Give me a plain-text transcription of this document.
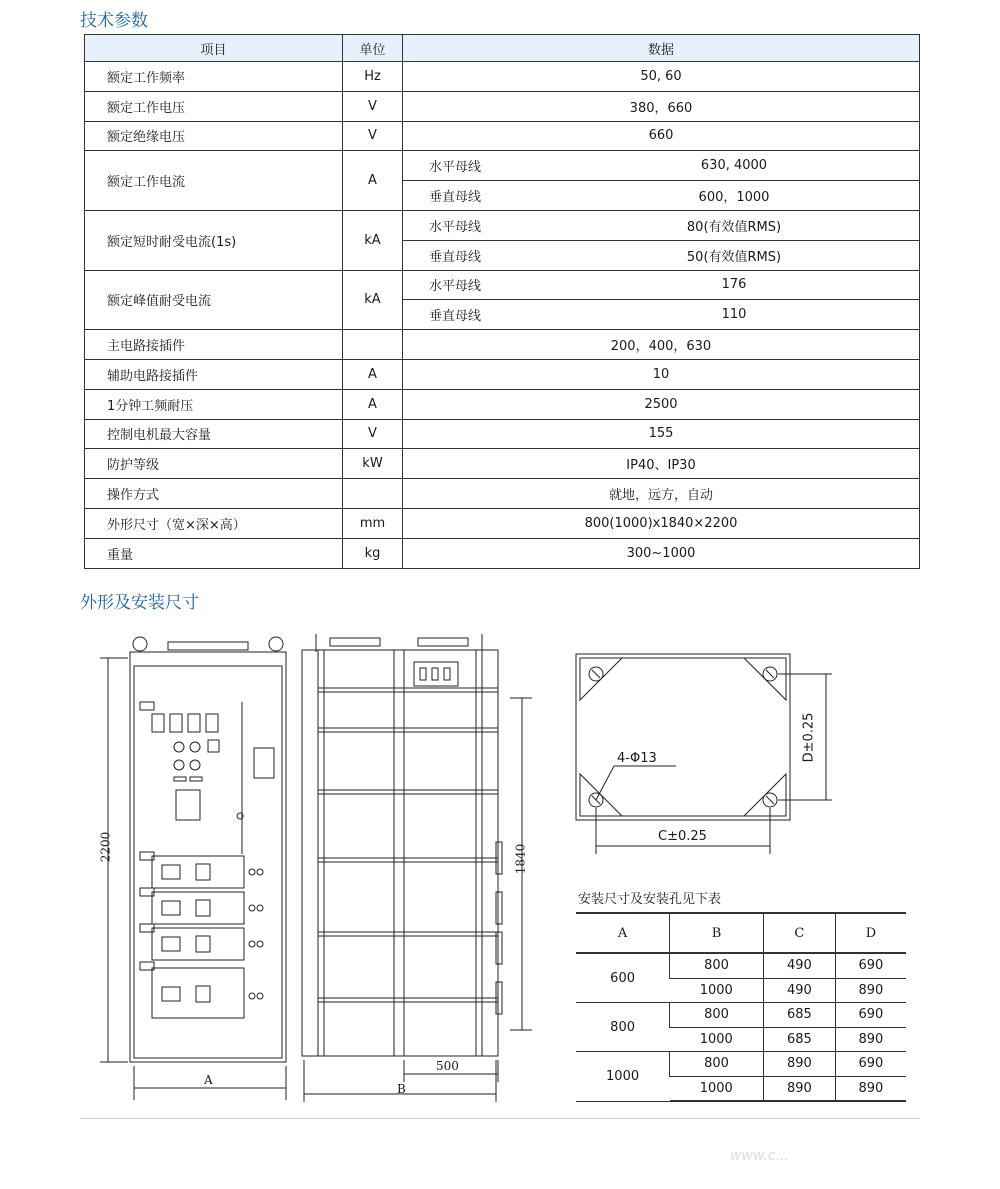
技术参数
项目	单位	数据	
额定工作频率	Hz	50, 60	
额定工作电压	V	380，660	
额定绝缘电压	V	660	
额定工作电流	A	水平母线	630, 4000
		垂直母线	600，1000
额定短时耐受电流(1s)	kA	水平母线	80(有效值RMS)
		垂直母线	50(有效值RMS)
额定峰值耐受电流	kA	水平母线	176
		垂直母线	110
主电路接插件		200，400，630	
辅助电路接插件	A	10	
1分钟工频耐压	A	2500	
控制电机最大容量	V	155	
防护等级	kW	IP40、IP30	
操作方式		就地，远方，自动	
外形尺寸（宽×深×高）	mm	800(1000)x1840×2200	
重量	kg	300~1000	
外形及安装尺寸
2200
A
1840
500
B
4-Φ13
C±0.25
D±0.25
安装尺寸及安装孔见下表
A	B	C	D
600	800	490	690
	1000	490	890
800	800	685	690
	1000	685	890
1000	800	890	690
	1000	890	890
www.c...
